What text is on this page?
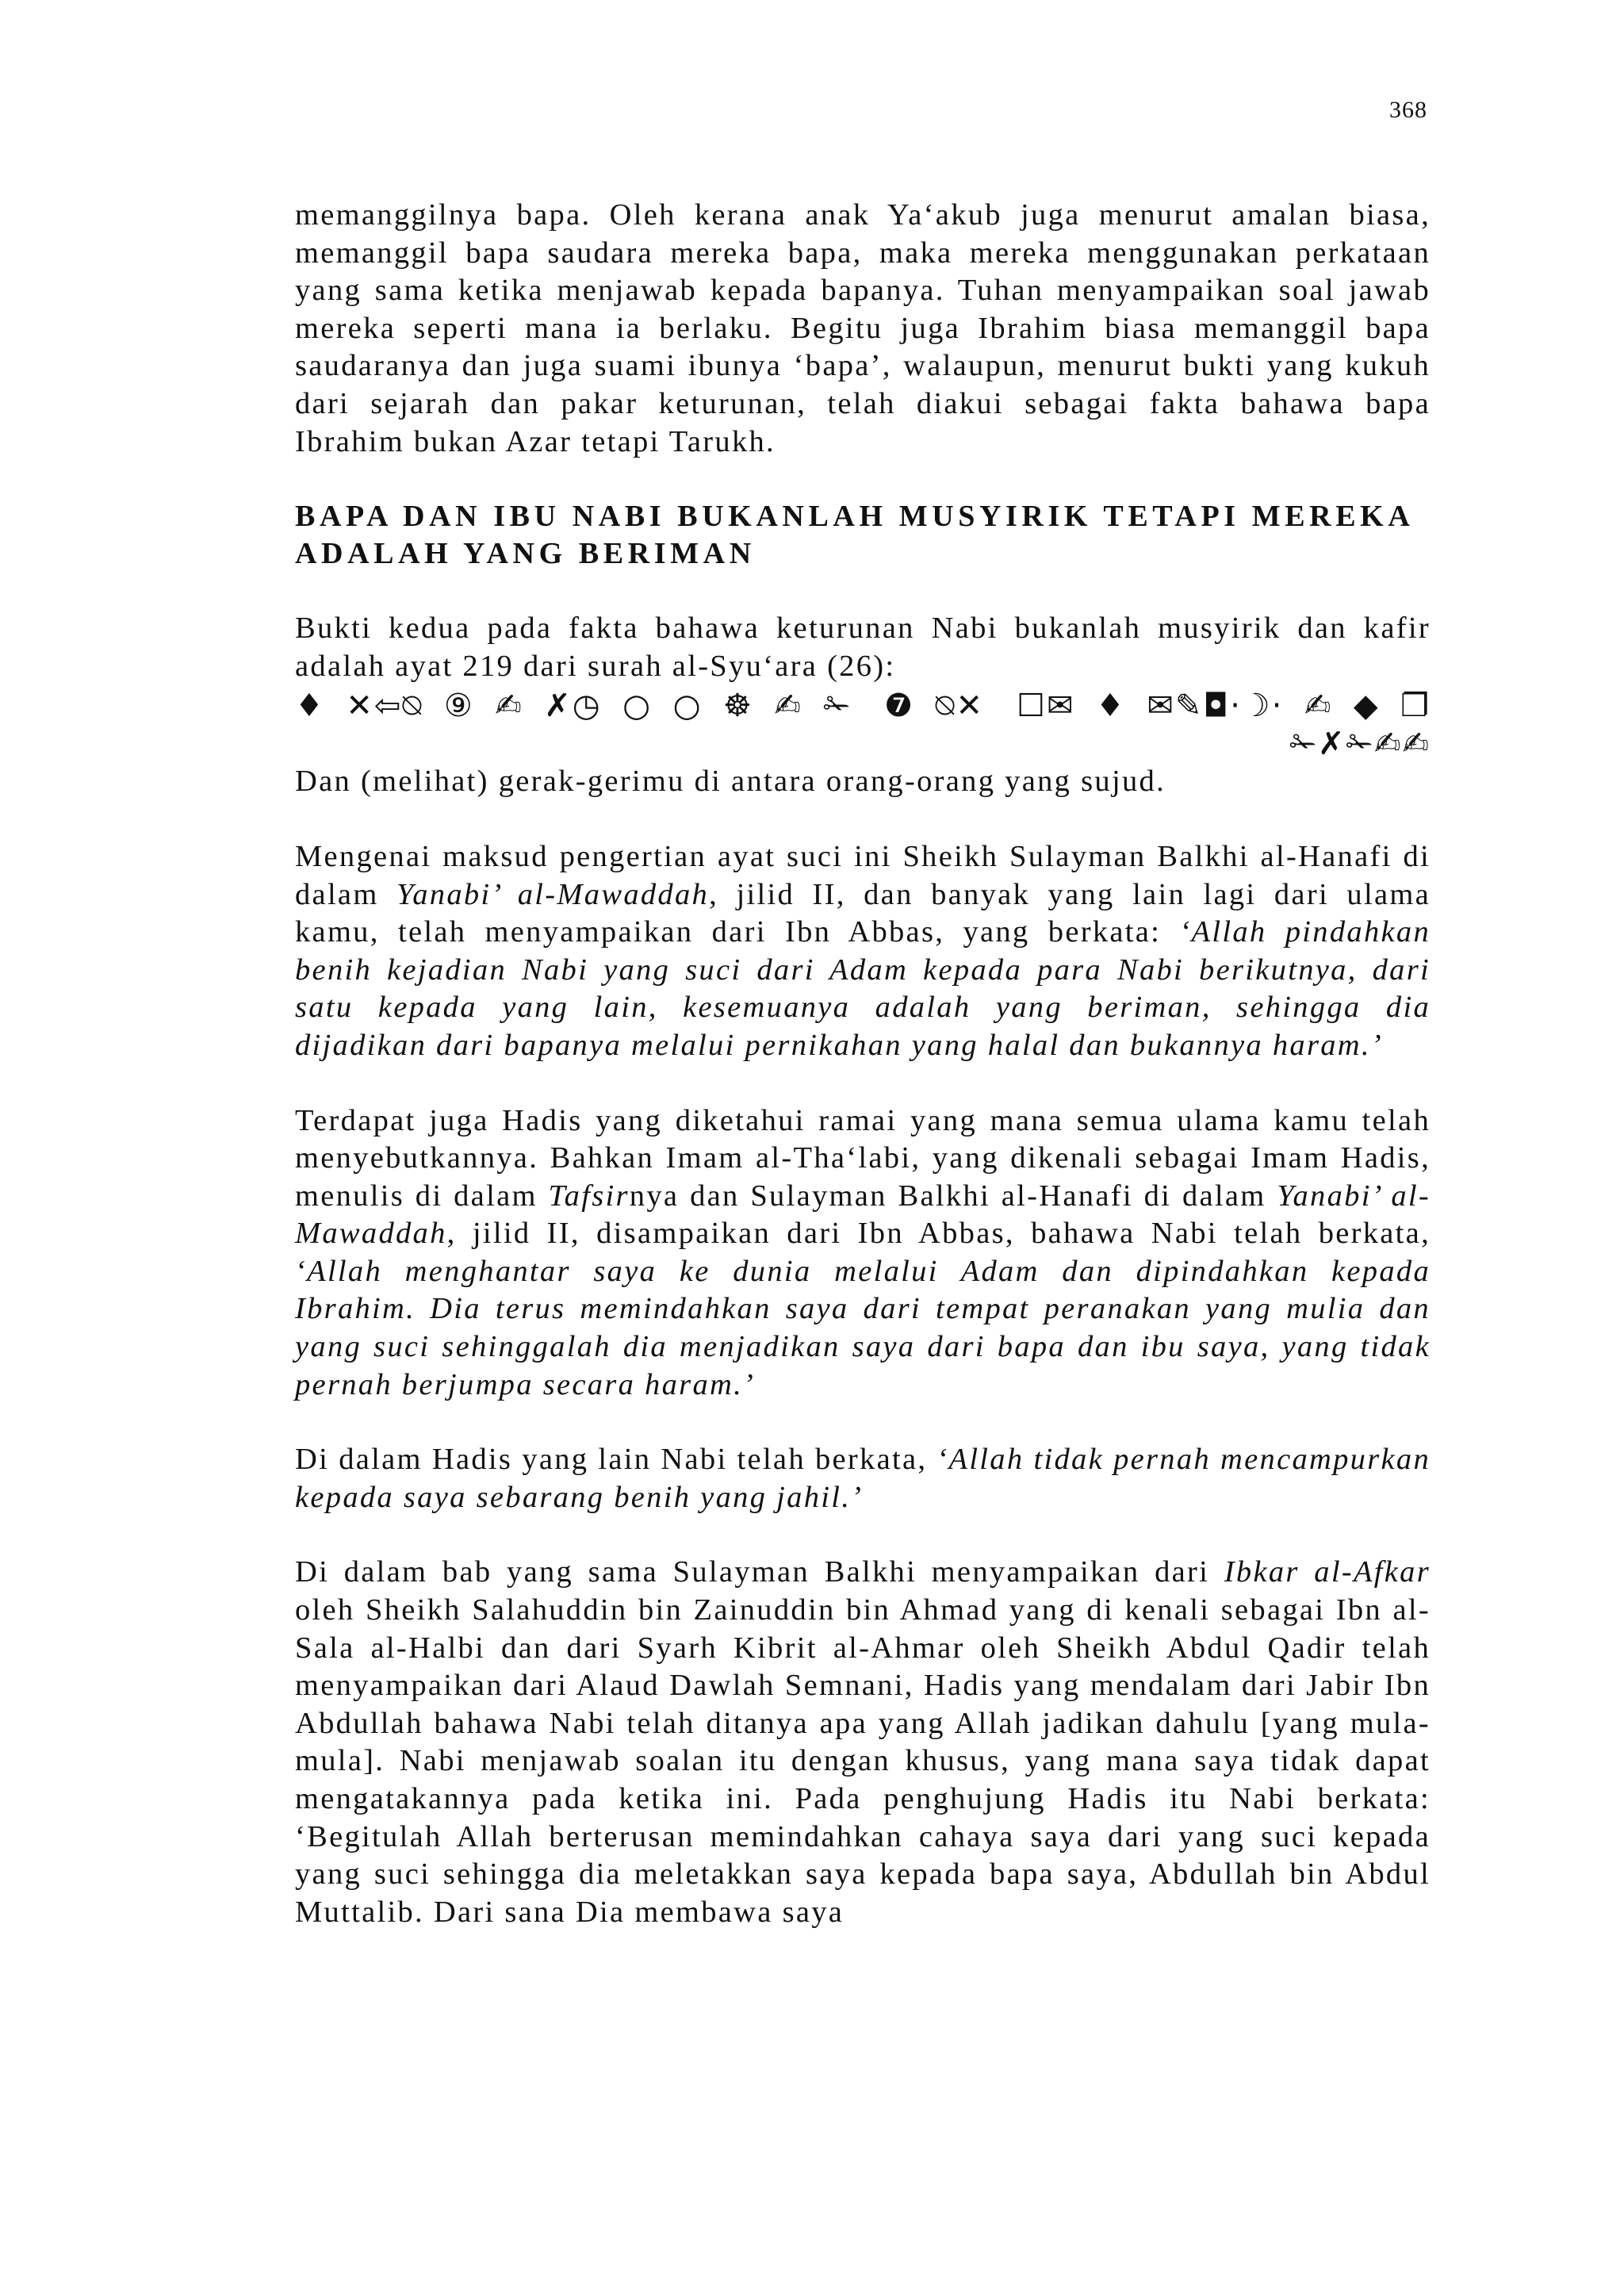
368

memanggilnya bapa. Oleh kerana anak Ya‘akub juga menurut amalan biasa, memanggil bapa saudara mereka bapa, maka mereka menggunakan perkataan yang sama ketika menjawab kepada bapanya. Tuhan menyampaikan soal jawab mereka seperti mana ia berlaku. Begitu juga Ibrahim biasa memanggil bapa saudaranya dan juga suami ibunya ‘bapa’, walaupun, menurut bukti yang kukuh dari sejarah dan pakar keturunan, telah diakui sebagai fakta bahawa bapa Ibrahim bukan Azar tetapi Tarukh.

BAPA DAN IBU NABI BUKANLAH MUSYIRIK TETAPI MEREKA

ADALAH YANG BERIMAN

Bukti kedua pada fakta bahawa keturunan Nabi bukanlah musyirik dan kafir adalah ayat 219 dari surah al-Syu‘ara (26):

♦✕⇦⍉⑨✍✗◷○○☸✍✁ ❼⍉✕ ☐✉♦✉✎◘⋅☽⋅✍◆❐
✁✗✁✍✍

Dan (melihat) gerak-gerimu di antara orang-orang yang sujud.

Mengenai maksud pengertian ayat suci ini Sheikh Sulayman Balkhi al-Hanafi di dalam Yanabi’ al-Mawaddah, jilid II, dan banyak yang lain lagi dari ulama kamu, telah menyampaikan dari Ibn Abbas, yang berkata: ‘Allah pindahkan benih kejadian Nabi yang suci dari Adam kepada para Nabi berikutnya, dari satu kepada yang lain, kesemuanya adalah yang beriman, sehingga dia dijadikan dari bapanya melalui pernikahan yang halal dan bukannya haram.’

Terdapat juga Hadis yang diketahui ramai yang mana semua ulama kamu telah menyebutkannya. Bahkan Imam al-Tha‘labi, yang dikenali sebagai Imam Hadis, menulis di dalam Tafsirnya dan Sulayman Balkhi al-Hanafi di dalam Yanabi’ al-Mawaddah, jilid II, disampaikan dari Ibn Abbas, bahawa Nabi telah berkata, ‘Allah menghantar saya ke dunia melalui Adam dan dipindahkan kepada Ibrahim. Dia terus memindahkan saya dari tempat peranakan yang mulia dan yang suci sehinggalah dia menjadikan saya dari bapa dan ibu saya, yang tidak pernah berjumpa secara haram.’

Di dalam Hadis yang lain Nabi telah berkata, ‘Allah tidak pernah mencampurkan kepada saya sebarang benih yang jahil.’

Di dalam bab yang sama Sulayman Balkhi menyampaikan dari Ibkar al-Afkar oleh Sheikh Salahuddin bin Zainuddin bin Ahmad yang di kenali sebagai Ibn al-Sala al-Halbi dan dari Syarh Kibrit al-Ahmar oleh Sheikh Abdul Qadir telah menyampaikan dari Alaud Dawlah Semnani, Hadis yang mendalam dari Jabir Ibn Abdullah bahawa Nabi telah ditanya apa yang Allah jadikan dahulu [yang mula-mula]. Nabi menjawab soalan itu dengan khusus, yang mana saya tidak dapat mengatakannya pada ketika ini. Pada penghujung Hadis itu Nabi berkata: ‘Begitulah Allah berterusan memindahkan cahaya saya dari yang suci kepada yang suci sehingga dia meletakkan saya kepada bapa saya, Abdullah bin Abdul Muttalib. Dari sana Dia membawa saya
